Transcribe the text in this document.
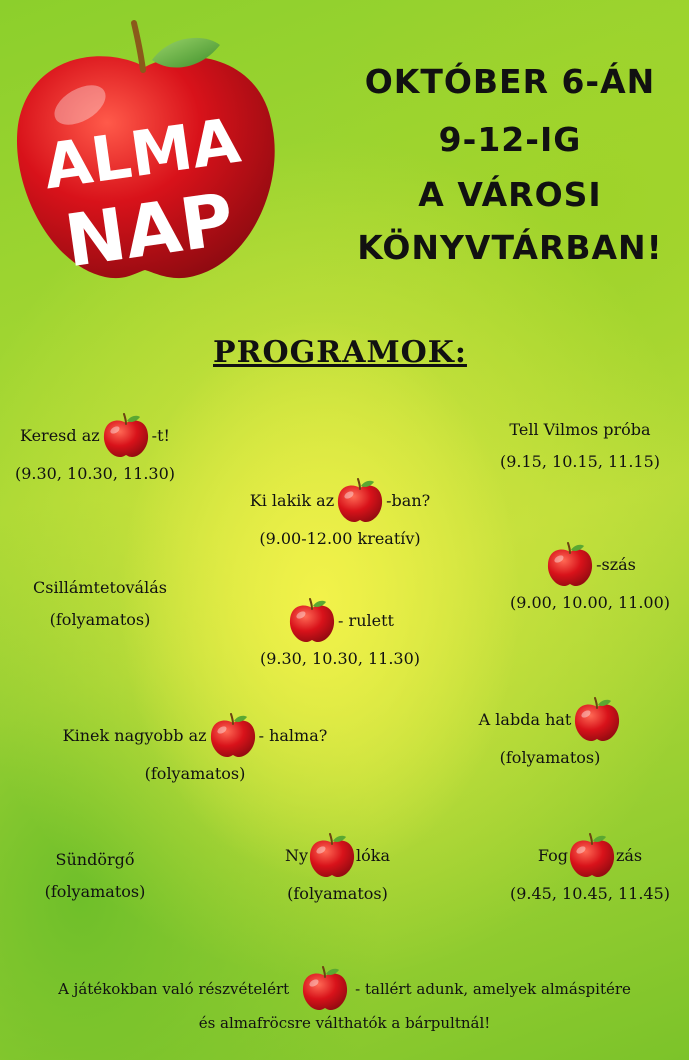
ALMA
NAP
OKTÓBER 6-ÁN
9-12-IG
A VÁROSI
KÖNYVTÁRBAN!
PROGRAMOK:
Keresd az	-t!
(9.30, 10.30, 11.30)
Tell Vilmos próba
(9.15, 10.15, 11.15)
Ki lakik az	-ban?
(9.00-12.00 kreatív)
-szás
(9.00, 10.00, 11.00)
Csillámtetoválás
(folyamatos)	- rulett
(9.30, 10.30, 11.30)
Kinek nagyobb az	- halma?
(folyamatos)
A labda hat
(folyamatos)
Sündörgő
(folyamatos)
Ny	lóka
(folyamatos)
Fog	zás
(9.45, 10.45, 11.45)
A játékokban való részvételért	- tallért adunk, amelyek almáspitére
és almafröcsre válthatók a bárpultnál!
